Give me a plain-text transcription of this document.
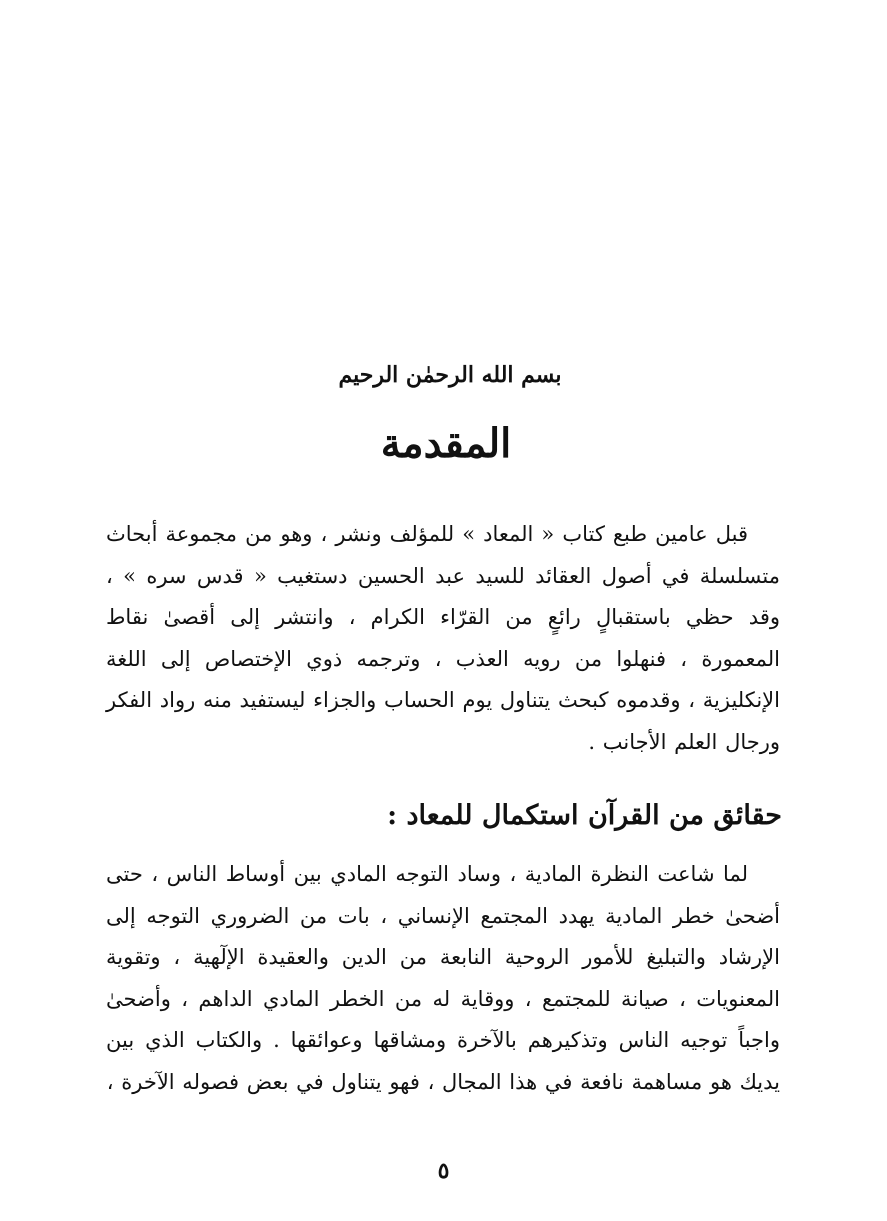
بسم الله الرحمٰن الرحيم
المقدمة

قبل عامين طبع كتاب « المعاد » للمؤلف ونشر ، وهو من مجموعة أبحاث متسلسلة في أصول العقائد للسيد عبد الحسين دستغيب « قدس سره » ، وقد حظي باستقبالٍ رائعٍ من القرّاء الكرام ، وانتشر إلى أقصىٰ نقاط المعمورة ، فنهلوا من رويه العذب ، وترجمه ذوي الإختصاص إلى اللغة الإنكليزية ، وقدموه كبحث يتناول يوم الحساب والجزاء ليستفيد منه رواد الفكر ورجال العلم الأجانب .

حقائق من القرآن استكمال للمعاد :

لما شاعت النظرة المادية ، وساد التوجه المادي بين أوساط الناس ، حتى أضحىٰ خطر المادية يهدد المجتمع الإنساني ، بات من الضروري التوجه إلى الإرشاد والتبليغ للأمور الروحية النابعة من الدين والعقيدة الإلٓهية ، وتقوية المعنويات ، صيانة للمجتمع ، ووقاية له من الخطر المادي الداهم ، وأضحىٰ واجباً توجيه الناس وتذكيرهم بالآخرة ومشاقها وعوائقها . والكتاب الذي بين يديك هو مساهمة نافعة في هذا المجال ، فهو يتناول في بعض فصوله الآخرة ،

٥
